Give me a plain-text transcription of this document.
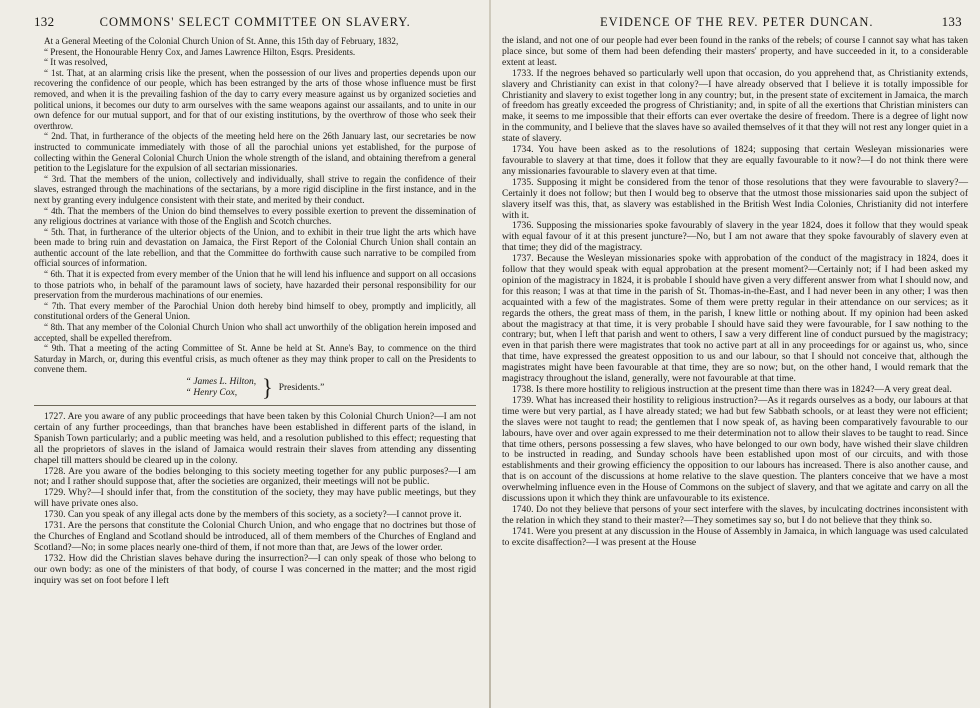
132	COMMONS' SELECT COMMITTEE ON SLAVERY.

At a General Meeting of the Colonial Church Union of St. Anne, this 15th day of February, 1832,

“ Present, the Honourable Henry Cox, and James Lawrence Hilton, Esqrs. Presidents.

“ It was resolved,

“ 1st. That, at an alarming crisis like the present, when the possession of our lives and properties depends upon our recovering the confidence of our people, which has been estranged by the arts of those whose influence must be first removed, and when it is the prevailing fashion of the day to carry every measure against us by organized societies and political unions, it becomes our duty to arm ourselves with the same weapons against our assailants, and to unite in our own defence for our mutual support, and for that of our existing institutions, by the overthrow of those who seek their overthrow.

“ 2nd. That, in furtherance of the objects of the meeting held here on the 26th January last, our secretaries be now instructed to communicate immediately with those of all the parochial unions yet established, for the purpose of collecting within the General Colonial Church Union the whole strength of the island, and obtaining therefrom a general petition to the Legislature for the expulsion of all sectarian missionaries.

“ 3rd. That the members of the union, collectively and individually, shall strive to regain the confidence of their slaves, estranged through the machinations of the sectarians, by a more rigid discipline in the first instance, and in the next by granting every indulgence consistent with their state, and merited by their conduct.

“ 4th. That the members of the Union do bind themselves to every possible exertion to prevent the dissemination of any religious doctrines at variance with those of the English and Scotch churches.

“ 5th. That, in furtherance of the ulterior objects of the Union, and to exhibit in their true light the arts which have been made to bring ruin and devastation on Jamaica, the First Report of the Colonial Church Union shall contain an authentic account of the late rebellion, and that the Committee do forthwith cause such narrative to be compiled from official sources of information.

“ 6th. That it is expected from every member of the Union that he will lend his influence and support on all occasions to those patriots who, in behalf of the paramount laws of society, have hazarded their personal responsibility for our preservation from the murderous machinations of our enemies.

“ 7th. That every member of the Parochial Union doth hereby bind himself to obey, promptly and implicitly, all constitutional orders of the General Union.

“ 8th. That any member of the Colonial Church Union who shall act unworthily of the obligation herein imposed and accepted, shall be expelled therefrom.

“ 9th. That a meeting of the acting Committee of St. Anne be held at St. Anne's Bay, to commence on the third Saturday in March, or, during this eventful crisis, as much oftener as they may think proper to call on the Presidents to convene them.

“ James L. Hilton,
“ Henry Cox,	} Presidents.”

1727. Are you aware of any public proceedings that have been taken by this Colonial Church Union?—I am not certain of any further proceedings, than that branches have been established in different parts of the island, in Spanish Town particularly; and a public meeting was held, and a resolution published to this effect; requesting that all the proprietors of slaves in the island of Jamaica would restrain their slaves from attending any dissenting chapel till matters should be cleared up in the colony.

1728. Are you aware of the bodies belonging to this society meeting together for any public purposes?—I am not; and I rather should suppose that, after the societies are organized, their meetings will not be public.

1729. Why?—I should infer that, from the constitution of the society, they may have public meetings, but they will have private ones also.

1730. Can you speak of any illegal acts done by the members of this society, as a society?—I cannot prove it.

1731. Are the persons that constitute the Colonial Church Union, and who engage that no doctrines but those of the Churches of England and Scotland should be introduced, all of them members of the Churches of England and Scotland?—No; in some places nearly one-third of them, if not more than that, are Jews of the lower order.

1732. How did the Christian slaves behave during the insurrection?—I can only speak of those who belong to our own body: as one of the ministers of that body, of course I was concerned in the matter; and the most rigid inquiry was set on foot before I left

EVIDENCE OF THE REV. PETER DUNCAN.	133

the island, and not one of our people had ever been found in the ranks of the rebels; of course I cannot say what has taken place since, but some of them had been defending their masters' property, and have succeeded in it, to a considerable extent at least.

1733. If the negroes behaved so particularly well upon that occasion, do you apprehend that, as Christianity extends, slavery and Christianity can exist in that colony?—I have already observed that I believe it is totally impossible for Christianity and slavery to exist together long in any country; but, in the present state of excitement in Jamaica, the march of freedom has greatly exceeded the progress of Christianity; and, in spite of all the exertions that Christian ministers can make, it seems to me impossible that their efforts can ever overtake the desire of freedom. There is a degree of light now in the community, and I believe that the slaves have so availed themselves of it that they will not rest any longer quiet in a state of slavery.

1734. You have been asked as to the resolutions of 1824; supposing that certain Wesleyan missionaries were favourable to slavery at that time, does it follow that they are equally favourable to it now?—I do not think there were any missionaries favourable to slavery even at that time.

1735. Supposing it might be considered from the tenor of those resolutions that they were favourable to slavery?—Certainly it does not follow; but then I would beg to observe that the utmost those missionaries said upon the subject of slavery itself was this, that, as slavery was established in the British West India Colonies, Christianity did not interfere with it.

1736. Supposing the missionaries spoke favourably of slavery in the year 1824, does it follow that they would speak with equal favour of it at this present juncture?—No, but I am not aware that they spoke favourably of slavery even at that time; they did of the magistracy.

1737. Because the Wesleyan missionaries spoke with approbation of the conduct of the magistracy in 1824, does it follow that they would speak with equal approbation at the present moment?—Certainly not; if I had been asked my opinion of the magistracy in 1824, it is probable I should have given a very different answer from what I should now, and for this reason; I was at that time in the parish of St. Thomas-in-the-East, and I had never been in any other; I was then acquainted with a few of the magistrates. Some of them were pretty regular in their attendance on our services; as it regards the others, the great mass of them, in the parish, I knew little or nothing about. If my opinion had been asked about the magistracy at that time, it is very probable I should have said they were favourable, for I saw nothing to the contrary; but, when I left that parish and went to others, I saw a very different line of conduct pursued by the magistracy; even in that parish there were magistrates that took no active part at all in any proceedings for or against us, who, since that time, have expressed the greatest opposition to us and our labour, so that I should not conceive that, although the magistrates might have been favourable at that time, they are so now; but, on the other hand, I would remark that the magistracy throughout the island, generally, were not favourable at that time.

1738. Is there more hostility to religious instruction at the present time than there was in 1824?—A very great deal.

1739. What has increased their hostility to religious instruction?—As it regards ourselves as a body, our labours at that time were but very partial, as I have already stated; we had but few Sabbath schools, or at least they were not efficient; the slaves were not taught to read; the gentlemen that I now speak of, as having been comparatively favourable to our labours, have over and over again expressed to me their determination not to allow their slaves to be taught to read. Since that time others, persons possessing a few slaves, who have belonged to our own body, have wished their slave children to be instructed in reading, and Sunday schools have been established upon most of our circuits, and with those establishments and their growing efficiency the opposition to our labours has increased. There is also another cause, and that is on account of the discussions at home relative to the slave question. The planters conceive that we have a most overwhelming influence even in the House of Commons on the subject of slavery, and that we agitate and carry on all the discussions upon it which they think are unfavourable to its existence.

1740. Do not they believe that persons of your sect interfere with the slaves, by inculcating doctrines inconsistent with the relation in which they stand to their master?—They sometimes say so, but I do not believe that they think so.

1741. Were you present at any discussion in the House of Assembly in Jamaica, in which language was used calculated to excite disaffection?—I was present at the House
